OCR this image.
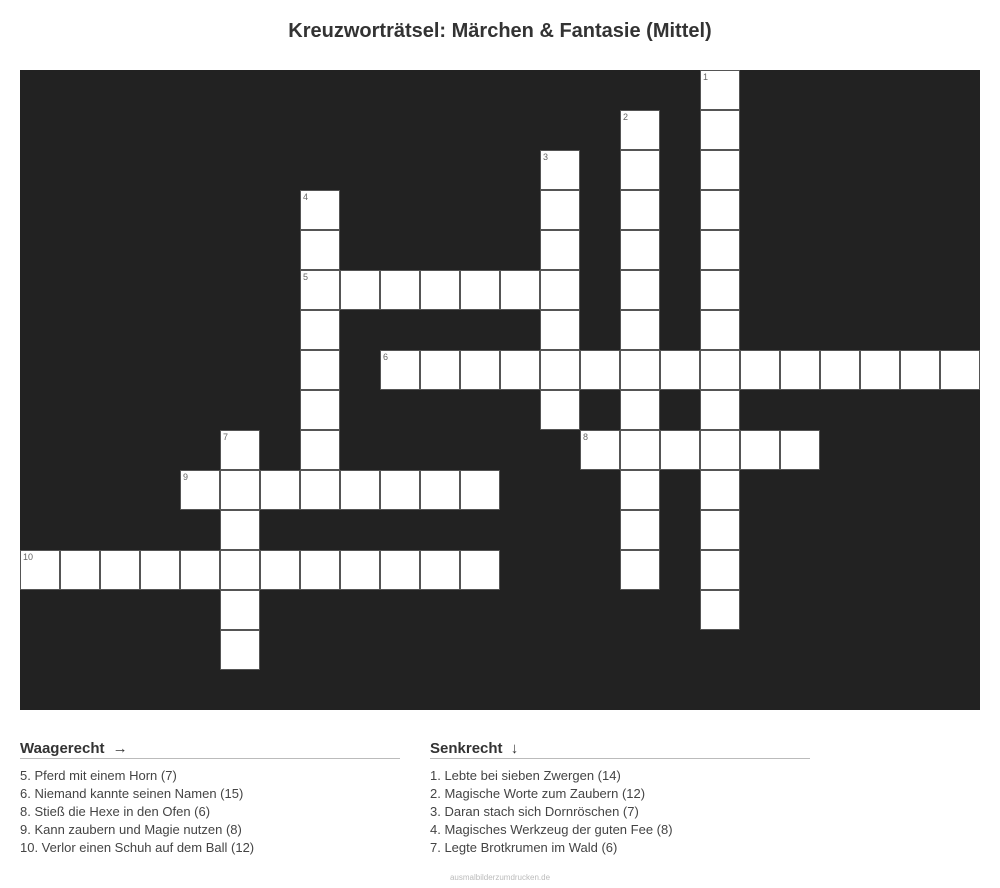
Kreuzworträtsel: Märchen & Fantasie (Mittel)
1
2
3
4
5
6
7	8
9
10
Waagerecht →
5. Pferd mit einem Horn (7)
6. Niemand kannte seinen Namen (15)
8. Stieß die Hexe in den Ofen (6)
9. Kann zaubern und Magie nutzen (8)
10. Verlor einen Schuh auf dem Ball (12)
Senkrecht ↓
1. Lebte bei sieben Zwergen (14)
2. Magische Worte zum Zaubern (12)
3. Daran stach sich Dornröschen (7)
4. Magisches Werkzeug der guten Fee (8)
7. Legte Brotkrumen im Wald (6)
ausmalbilderzumdrucken.de
